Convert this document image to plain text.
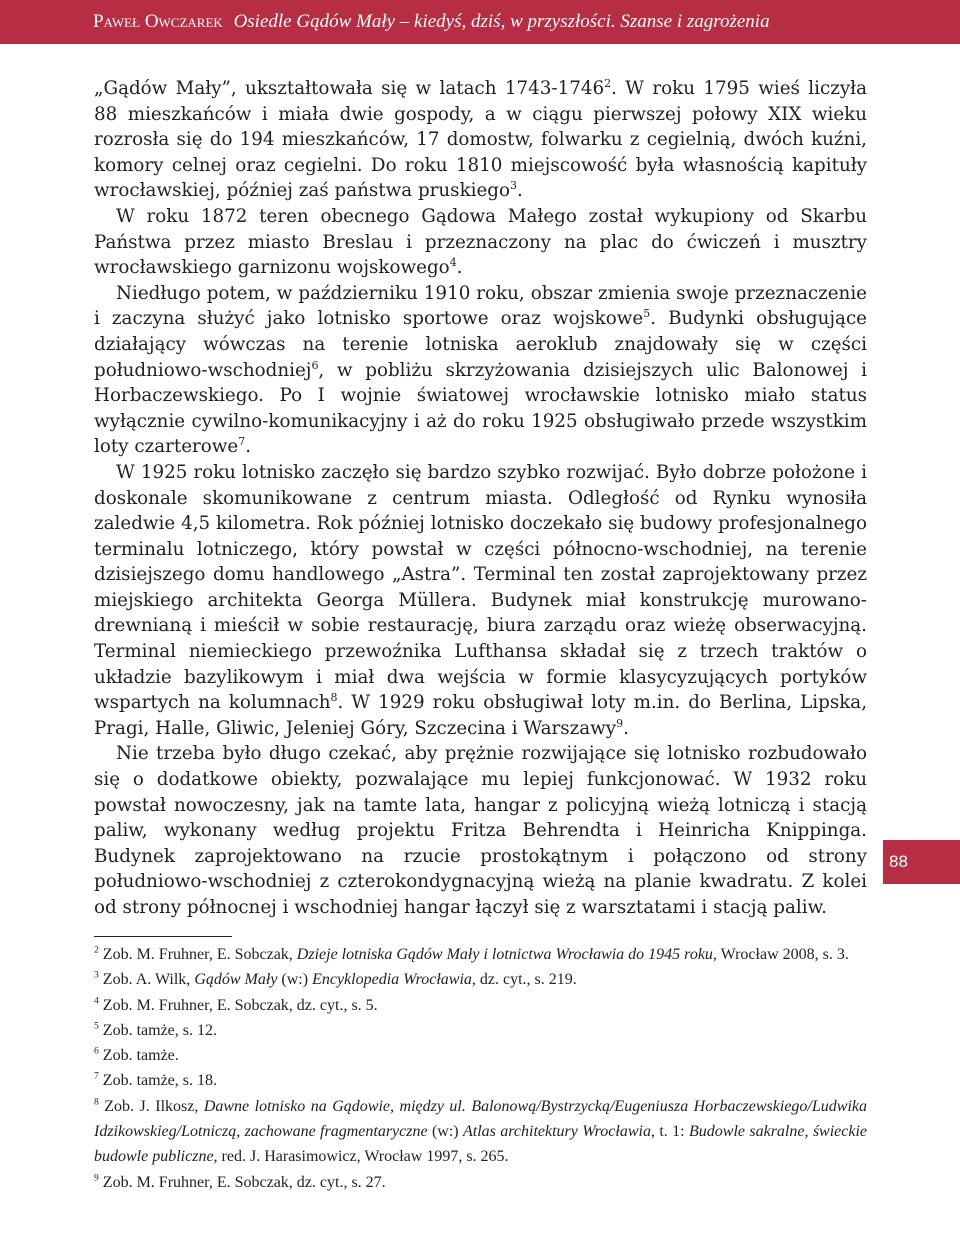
Paweł Owczarek Osiedle Gądów Mały – kiedyś, dziś, w przyszłości. Szanse i zagrożenia

„Gądów Mały”, ukształtowała się w latach 1743-1746$^2$. W roku 1795 wieś liczyła 88 mieszkańców i miała dwie gospody, a w ciągu pierwszej połowy XIX wieku rozrosła się do 194 mieszkańców, 17 domostw, folwarku z cegielnią, dwóch kuźni, komory celnej oraz cegielni. Do roku 1810 miejscowość była własnością kapituły wrocławskiej, później zaś państwa pruskiego$^3$.

W roku 1872 teren obecnego Gądowa Małego został wykupiony od Skarbu Państwa przez miasto Breslau i przeznaczony na plac do ćwiczeń i musztry wrocławskiego garnizonu wojskowego$^4$.

Niedługo potem, w październiku 1910 roku, obszar zmienia swoje przeznaczenie i zaczyna służyć jako lotnisko sportowe oraz wojskowe$^5$. Budynki obsługujące działający wówczas na terenie lotniska aeroklub znajdowały się w części południowo-wschodniej$^6$, w pobliżu skrzyżowania dzisiejszych ulic Balonowej i Horbaczewskiego. Po I wojnie światowej wrocławskie lotnisko miało status wyłącznie cywilno-komunikacyjny i aż do roku 1925 obsługiwało przede wszystkim loty czarterowe$^7$.

W 1925 roku lotnisko zaczęło się bardzo szybko rozwijać. Było dobrze położone i doskonale skomunikowane z centrum miasta. Odległość od Rynku wynosiła zaledwie 4,5 kilometra. Rok później lotnisko doczekało się budowy profesjonalnego terminalu lotniczego, który powstał w części północno-wschodniej, na terenie dzisiejszego domu handlowego „Astra”. Terminal ten został zaprojektowany przez miejskiego architekta Georga Müllera. Budynek miał konstrukcję murowano-drewnianą i mieścił w sobie restaurację, biura zarządu oraz wieżę obserwacyjną. Terminal niemieckiego przewoźnika Lufthansa składał się z trzech traktów o układzie bazylikowym i miał dwa wejścia w formie klasycyzujących portyków wspartych na kolumnach$^8$. W 1929 roku obsługiwał loty m.in. do Berlina, Lipska, Pragi, Halle, Gliwic, Jeleniej Góry, Szczecina i Warszawy$^9$.

Nie trzeba było długo czekać, aby prężnie rozwijające się lotnisko rozbudowało się o dodatkowe obiekty, pozwalające mu lepiej funkcjonować. W 1932 roku powstał nowoczesny, jak na tamte lata, hangar z policyjną wieżą lotniczą i stacją paliw, wykonany według projektu Fritza Behrendta i Heinricha Knippinga. Budynek zaprojektowano na rzucie prostokątnym i połączono od strony południowo-wschodniej z czterokondygnacyjną wieżą na planie kwadratu. Z kolei od strony północnej i wschodniej hangar łączył się z warsztatami i stacją paliw.

88

$^2$ Zob. M. Fruhner, E. Sobczak, Dzieje lotniska Gądów Mały i lotnictwa Wrocławia do 1945 roku, Wrocław 2008, s. 3.

$^3$ Zob. A. Wilk, Gądów Mały (w:) Encyklopedia Wrocławia, dz. cyt., s. 219.

$^4$ Zob. M. Fruhner, E. Sobczak, dz. cyt., s. 5.

$^5$ Zob. tamże, s. 12.

$^6$ Zob. tamże.

$^7$ Zob. tamże, s. 18.

$^8$ Zob. J. Ilkosz, Dawne lotnisko na Gądowie, między ul. Balonową/Bystrzycką/Eugeniusza Horbaczewskiego/Ludwika Idzikowskieg/Lotniczą, zachowane fragmentaryczne (w:) Atlas architektury Wrocławia, t. 1: Budowle sakralne, świeckie budowle publiczne, red. J. Harasimowicz, Wrocław 1997, s. 265.

$^9$ Zob. M. Fruhner, E. Sobczak, dz. cyt., s. 27.
